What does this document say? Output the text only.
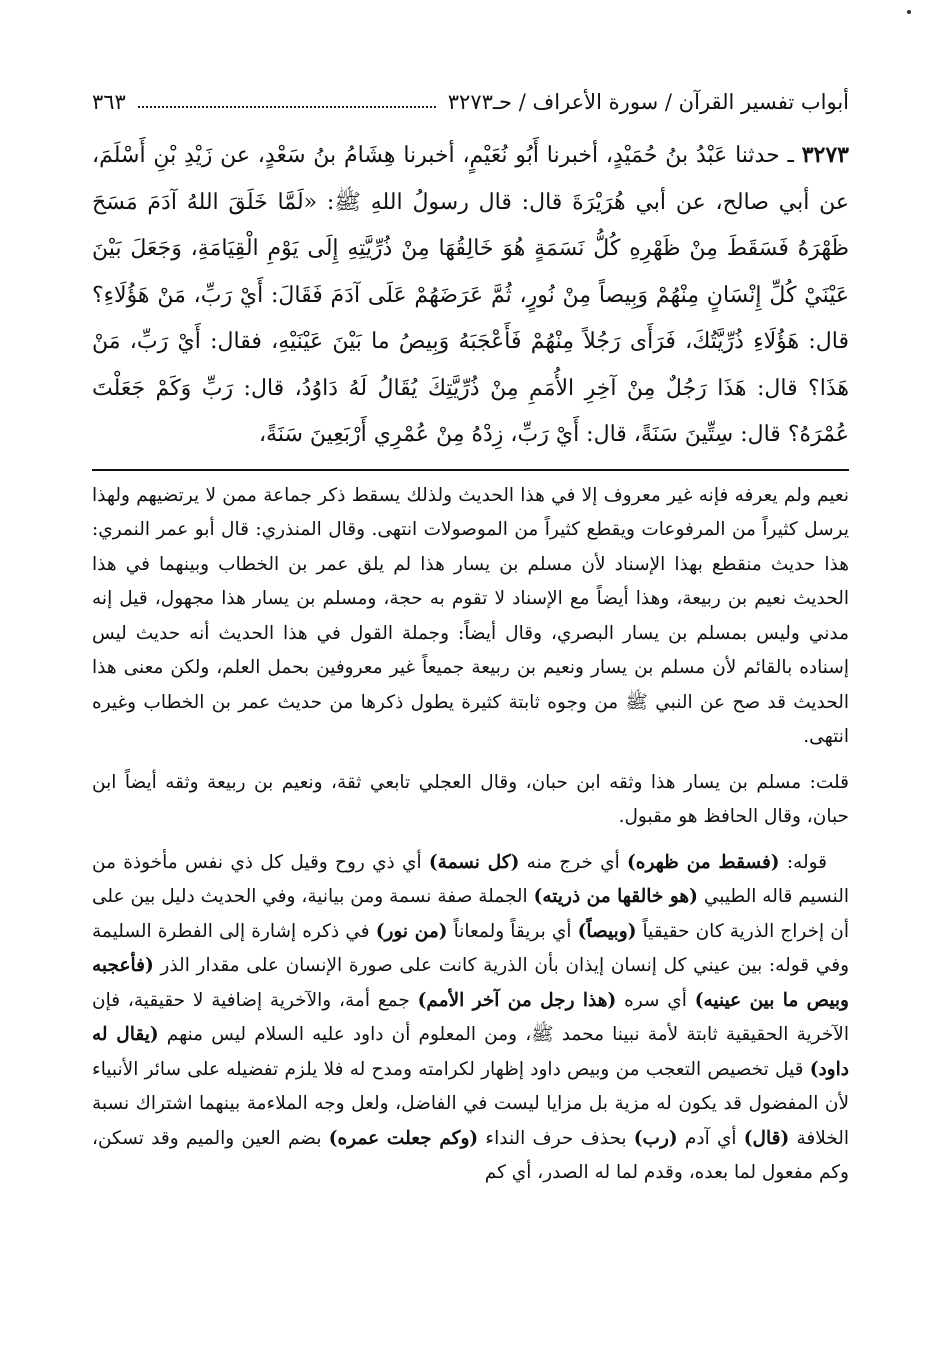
أبواب تفسير القرآن / سورة الأعراف / حـ٣٢٧٣
٣٦٣
٣٢٧٣ ـ حدثنا عَبْدُ بنُ حُمَيْدٍ، أخبرنا أَبُو نُعَيْمٍ، أخبرنا هِشَامُ بنُ سَعْدٍ، عن زَيْدِ بْنِ أَسْلَمَ، عن أبي صالح، عن أبي هُرَيْرَةَ قال: قال رسولُ اللهِ ﷺ: «لَمَّا خَلَقَ اللهُ آدَمَ مَسَحَ ظَهْرَهُ فَسَقَطَ مِنْ ظَهْرِهِ كُلُّ نَسَمَةٍ هُوَ خَالِقُهَا مِنْ ذُرِّيَّتِهِ إِلَى يَوْمِ الْقِيَامَةِ، وَجَعَلَ بَيْنَ عَيْنَيْ كُلِّ إِنْسَانٍ مِنْهُمْ وَبِيصاً مِنْ نُورٍ، ثُمَّ عَرَضَهُمْ عَلَى آدَمَ فَقَالَ: أَيْ رَبِّ، مَنْ هَؤُلَاءِ؟ قال: هَؤُلَاءِ ذُرِّيَّتُكَ، فَرَأَى رَجُلاً مِنْهُمْ فَأَعْجَبَهُ وَبِيصُ ما بَيْنَ عَيْنَيْهِ، فقال: أَيْ رَبِّ، مَنْ هَذَا؟ قال: هَذَا رَجُلٌ مِنْ آخِرِ الأُمَمِ مِنْ ذُرِّيَّتِكَ يُقَالُ لَهُ دَاوُدُ، قال: رَبِّ وَكَمْ جَعَلْتَ عُمْرَهُ؟ قال: سِتِّينَ سَنَةً، قال: أَيْ رَبِّ، زِدْهُ مِنْ عُمْرِي أَرْبَعِينَ سَنَةً،

نعيم ولم يعرفه فإنه غير معروف إلا في هذا الحديث ولذلك يسقط ذكر جماعة ممن لا يرتضيهم ولهذا يرسل كثيراً من المرفوعات ويقطع كثيراً من الموصولات انتهى. وقال المنذري: قال أبو عمر النمري: هذا حديث منقطع بهذا الإسناد لأن مسلم بن يسار هذا لم يلق عمر بن الخطاب وبينهما في هذا الحديث نعيم بن ربيعة، وهذا أيضاً مع الإسناد لا تقوم به حجة، ومسلم بن يسار هذا مجهول، قيل إنه مدني وليس بمسلم بن يسار البصري، وقال أيضاً: وجملة القول في هذا الحديث أنه حديث ليس إسناده بالقائم لأن مسلم بن يسار ونعيم بن ربيعة جميعاً غير معروفين بحمل العلم، ولكن معنى هذا الحديث قد صح عن النبي ﷺ من وجوه ثابتة كثيرة يطول ذكرها من حديث عمر بن الخطاب وغيره انتهى.

قلت: مسلم بن يسار هذا وثقه ابن حبان، وقال العجلي تابعي ثقة، ونعيم بن ربيعة وثقه أيضاً ابن حبان، وقال الحافظ هو مقبول.

قوله: (فسقط من ظهره) أي خرج منه (كل نسمة) أي ذي روح وقيل كل ذي نفس مأخوذة من النسيم قاله الطيبي (هو خالقها من ذريته) الجملة صفة نسمة ومن بيانية، وفي الحديث دليل بين على أن إخراج الذرية كان حقيقياً (وبيصاً) أي بريقاً ولمعاناً (من نور) في ذكره إشارة إلى الفطرة السليمة وفي قوله: بين عيني كل إنسان إيذان بأن الذرية كانت على صورة الإنسان على مقدار الذر (فأعجبه وبيص ما بين عينيه) أي سره (هذا رجل من آخر الأمم) جمع أمة، والآخرية إضافية لا حقيقية، فإن الآخرية الحقيقية ثابتة لأمة نبينا محمد ﷺ، ومن المعلوم أن داود عليه السلام ليس منهم (يقال له داود) قيل تخصيص التعجب من وبيص داود إظهار لكرامته ومدح له فلا يلزم تفضيله على سائر الأنبياء لأن المفضول قد يكون له مزية بل مزايا ليست في الفاضل، ولعل وجه الملاءمة بينهما اشتراك نسبة الخلافة (قال) أي آدم (رب) بحذف حرف النداء (وكم جعلت عمره) بضم العين والميم وقد تسكن، وكم مفعول لما بعده، وقدم لما له الصدر، أي كم
